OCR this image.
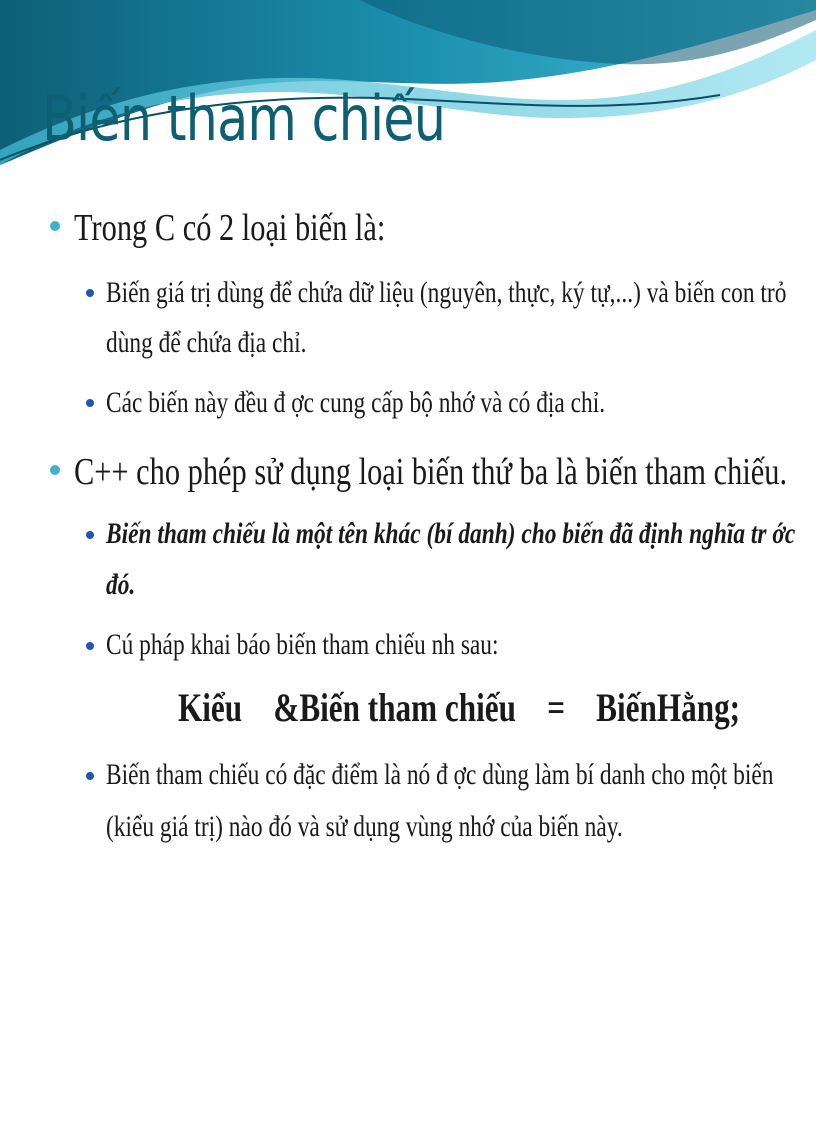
Biến tham chiếu
Trong C có 2 loại biến là:
Biến giá trị dùng để chứa dữ liệu (nguyên, thực, ký tự,...) và biến con trỏ
dùng để chứa địa chỉ.
Các biến này đều đ ợc cung cấp bộ nhớ và có địa chỉ.
C++ cho phép sử dụng loại biến thứ ba là biến tham chiếu.
Biến tham chiếu là một tên khác (bí danh) cho biến đã định nghĩa tr ớc
đó.
Cú pháp khai báo biến tham chiếu nh sau:
Kiểu    &Biến tham chiếu    =    BiếnHằng;
Biến tham chiếu có đặc điểm là nó đ ợc dùng làm bí danh cho một biến
(kiểu giá trị) nào đó và sử dụng vùng nhớ của biến này.
